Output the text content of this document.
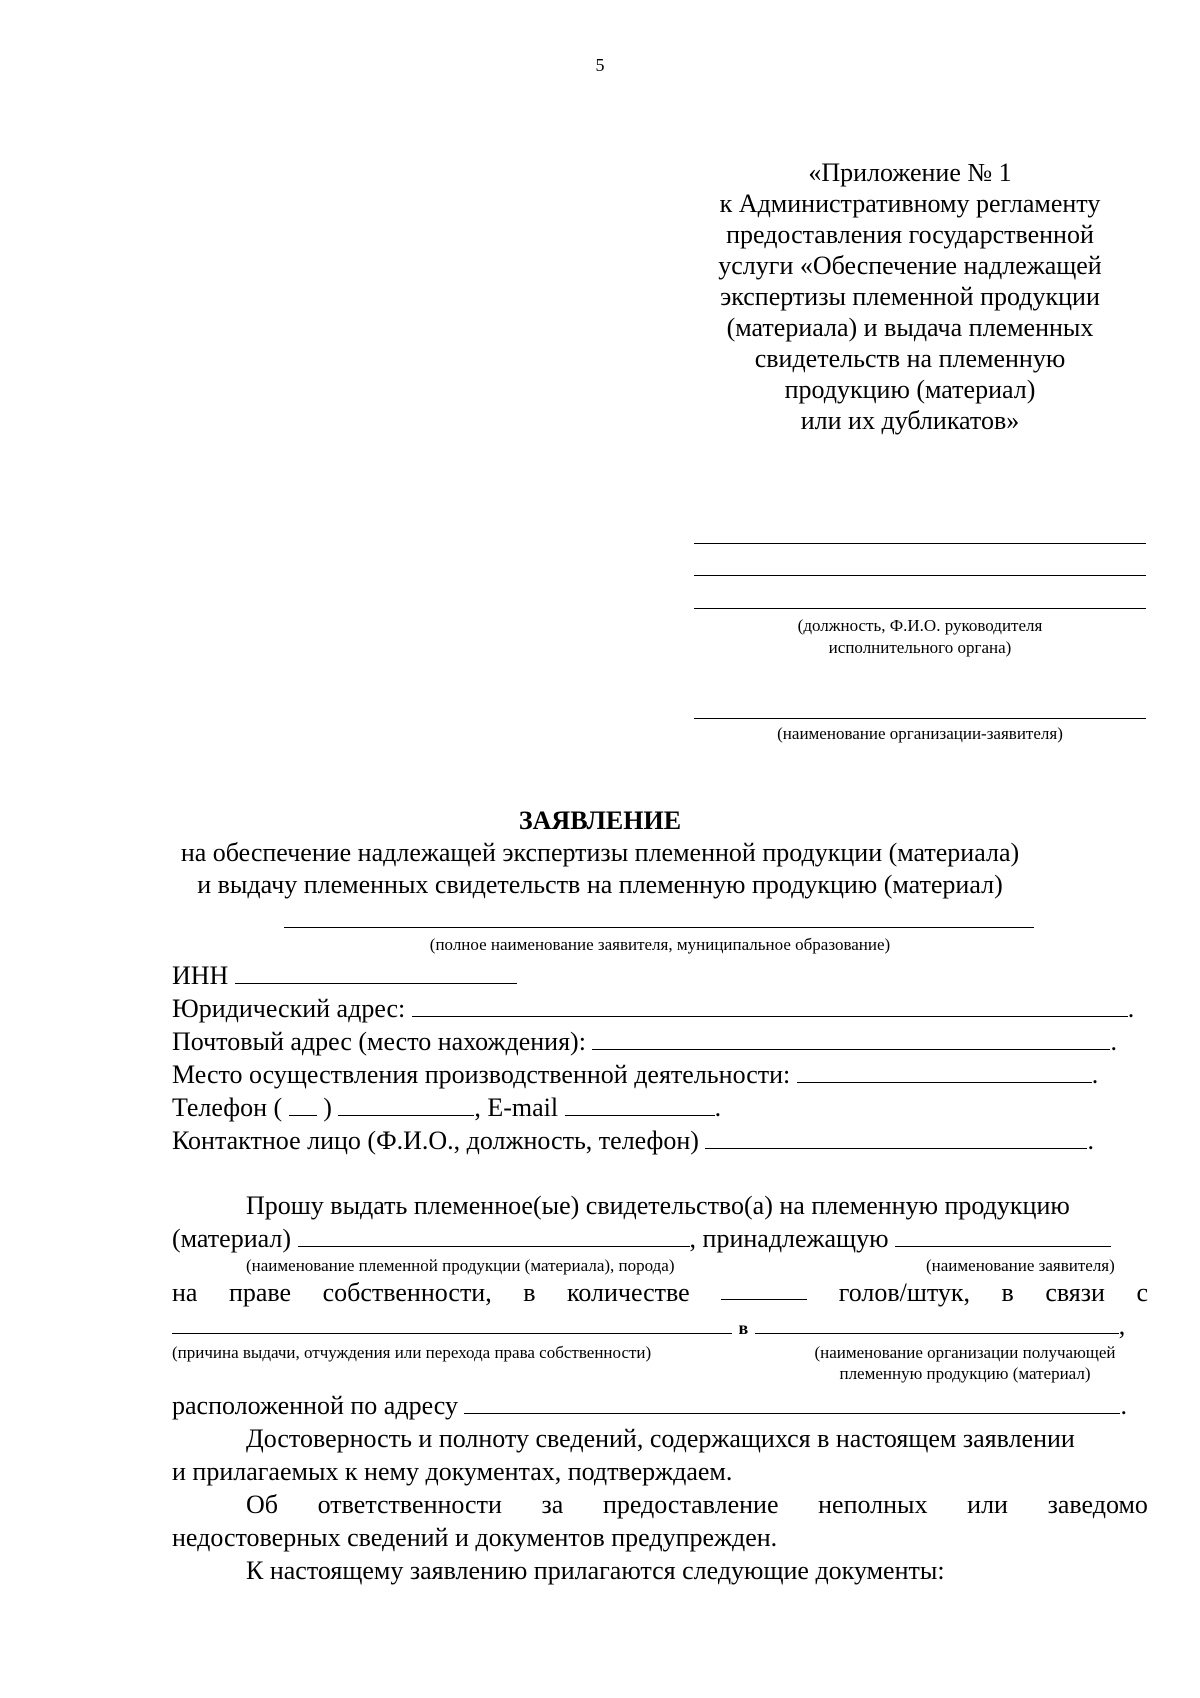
5
«Приложение № 1
к Административному регламенту
предоставления государственной
услуги «Обеспечение надлежащей
экспертизы племенной продукции
(материала) и выдача племенных
свидетельств на племенную
продукцию (материал)
или их дубликатов»
(должность, Ф.И.О. руководителя
исполнительного органа)
(наименование организации-заявителя)
ЗАЯВЛЕНИЕ
на обеспечение надлежащей экспертизы племенной продукции (материала)
и выдачу племенных свидетельств на племенную продукцию (материал)
(полное наименование заявителя, муниципальное образование)
ИНН
Юридический адрес:	.
Почтовый адрес (место нахождения):	.
Место осуществления производственной деятельности:	.
Телефон ( )	, E-mail	.
Контактное лицо (Ф.И.О., должность, телефон)	.
Прошу выдать племенное(ые) свидетельство(а) на племенную продукцию
(материал)	, принадлежащую
(наименование племенной продукции (материала), порода)	(наименование заявителя)
на праве собственности, в количестве	голов/штук, в связи с
в	,
(причина выдачи, отчуждения или перехода права собственности)	(наименование организации получающей
племенную продукцию (материал)
расположенной по адресу	.
Достоверность и полноту сведений, содержащихся в настоящем заявлении
и прилагаемых к нему документах, подтверждаем.
Об ответственности за предоставление неполных или заведомо
недостоверных сведений и документов предупрежден.
К настоящему заявлению прилагаются следующие документы:
